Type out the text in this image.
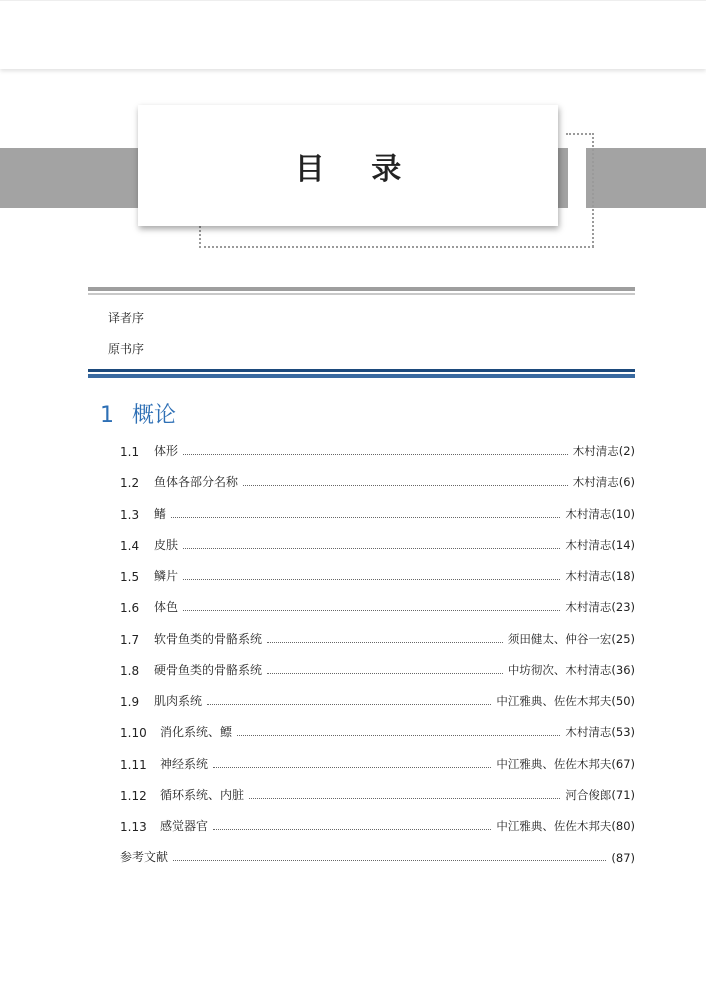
目 录
译者序
原书序
1 概论
1.1	体形	木村清志(2)
1.2	鱼体各部分名称	木村清志(6)
1.3	鳍	木村清志(10)
1.4	皮肤	木村清志(14)
1.5	鳞片	木村清志(18)
1.6	体色	木村清志(23)
1.7	软骨鱼类的骨骼系统	须田健太、仲谷一宏(25)
1.8	硬骨鱼类的骨骼系统	中坊彻次、木村清志(36)
1.9	肌肉系统	中江雅典、佐佐木邦夫(50)
1.10	消化系统、鳔	木村清志(53)
1.11	神经系统	中江雅典、佐佐木邦夫(67)
1.12	循环系统、内脏	河合俊郎(71)
1.13	感觉器官	中江雅典、佐佐木邦夫(80)
参考文献	(87)
